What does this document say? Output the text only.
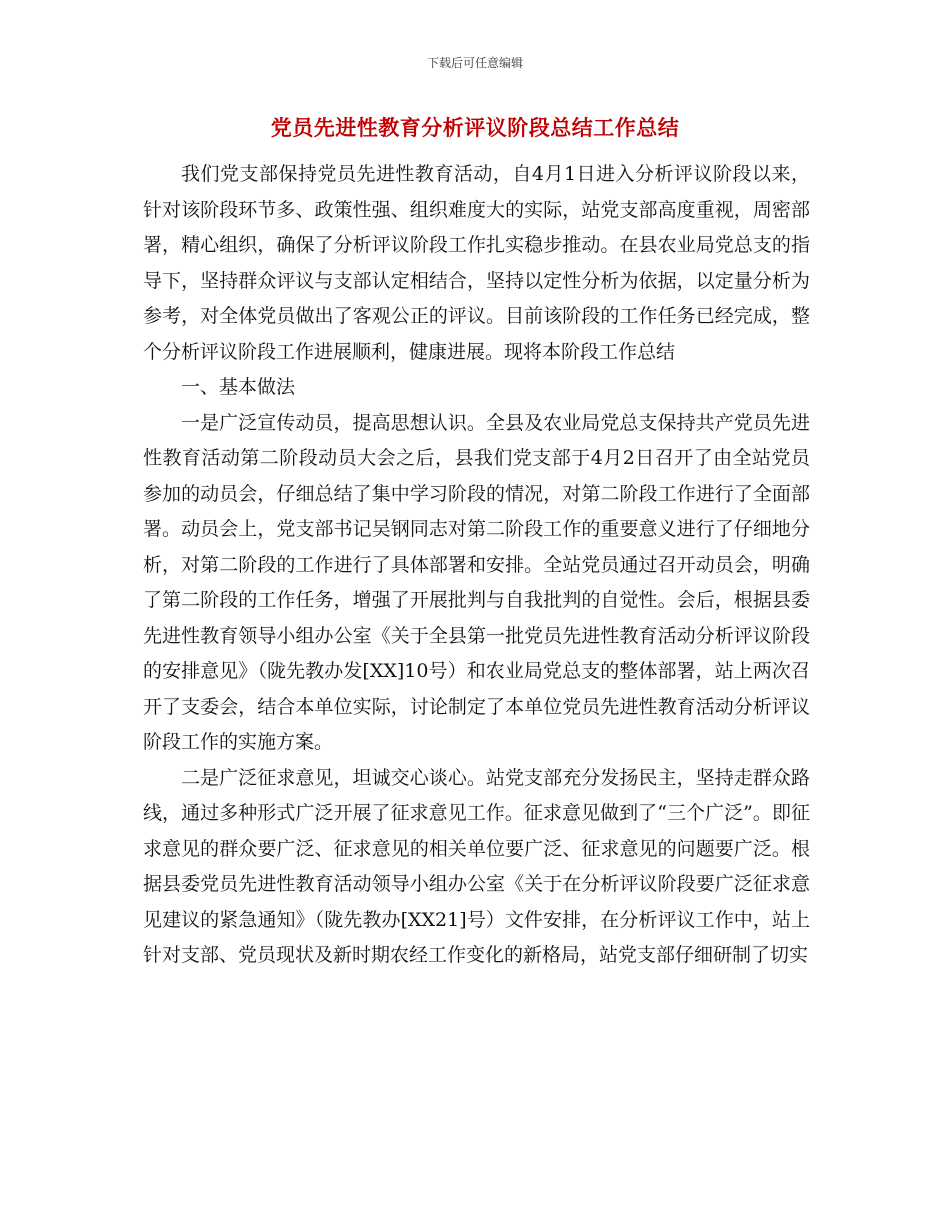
下载后可任意编辑
党员先进性教育分析评议阶段总结工作总结

我们党支部保持党员先进性教育活动，自4月1日进入分析评议阶段以来，针对该阶段环节多、政策性强、组织难度大的实际，站党支部高度重视，周密部署，精心组织，确保了分析评议阶段工作扎实稳步推动。在县农业局党总支的指导下，坚持群众评议与支部认定相结合，坚持以定性分析为依据，以定量分析为参考，对全体党员做出了客观公正的评议。目前该阶段的工作任务已经完成，整个分析评议阶段工作进展顺利，健康进展。现将本阶段工作总结

一、基本做法

一是广泛宣传动员，提高思想认识。全县及农业局党总支保持共产党员先进性教育活动第二阶段动员大会之后，县我们党支部于4月2日召开了由全站党员参加的动员会，仔细总结了集中学习阶段的情况，对第二阶段工作进行了全面部署。动员会上，党支部书记吴钢同志对第二阶段工作的重要意义进行了仔细地分析，对第二阶段的工作进行了具体部署和安排。全站党员通过召开动员会，明确了第二阶段的工作任务，增强了开展批判与自我批判的自觉性。会后，根据县委先进性教育领导小组办公室《关于全县第一批党员先进性教育活动分析评议阶段的安排意见》（陇先教办发[XX]10号）和农业局党总支的整体部署，站上两次召开了支委会，结合本单位实际，讨论制定了本单位党员先进性教育活动分析评议阶段工作的实施方案。

二是广泛征求意见，坦诚交心谈心。站党支部充分发扬民主，坚持走群众路线，通过多种形式广泛开展了征求意见工作。征求意见做到了“三个广泛”。即征求意见的群众要广泛、征求意见的相关单位要广泛、征求意见的问题要广泛。根据县委党员先进性教育活动领导小组办公室《关于在分析评议阶段要广泛征求意见建议的紧急通知》（陇先教办[XX21]号）文件安排，在分析评议工作中，站上针对支部、党员现状及新时期农经工作变化的新格局，站党支部仔细研制了切实
